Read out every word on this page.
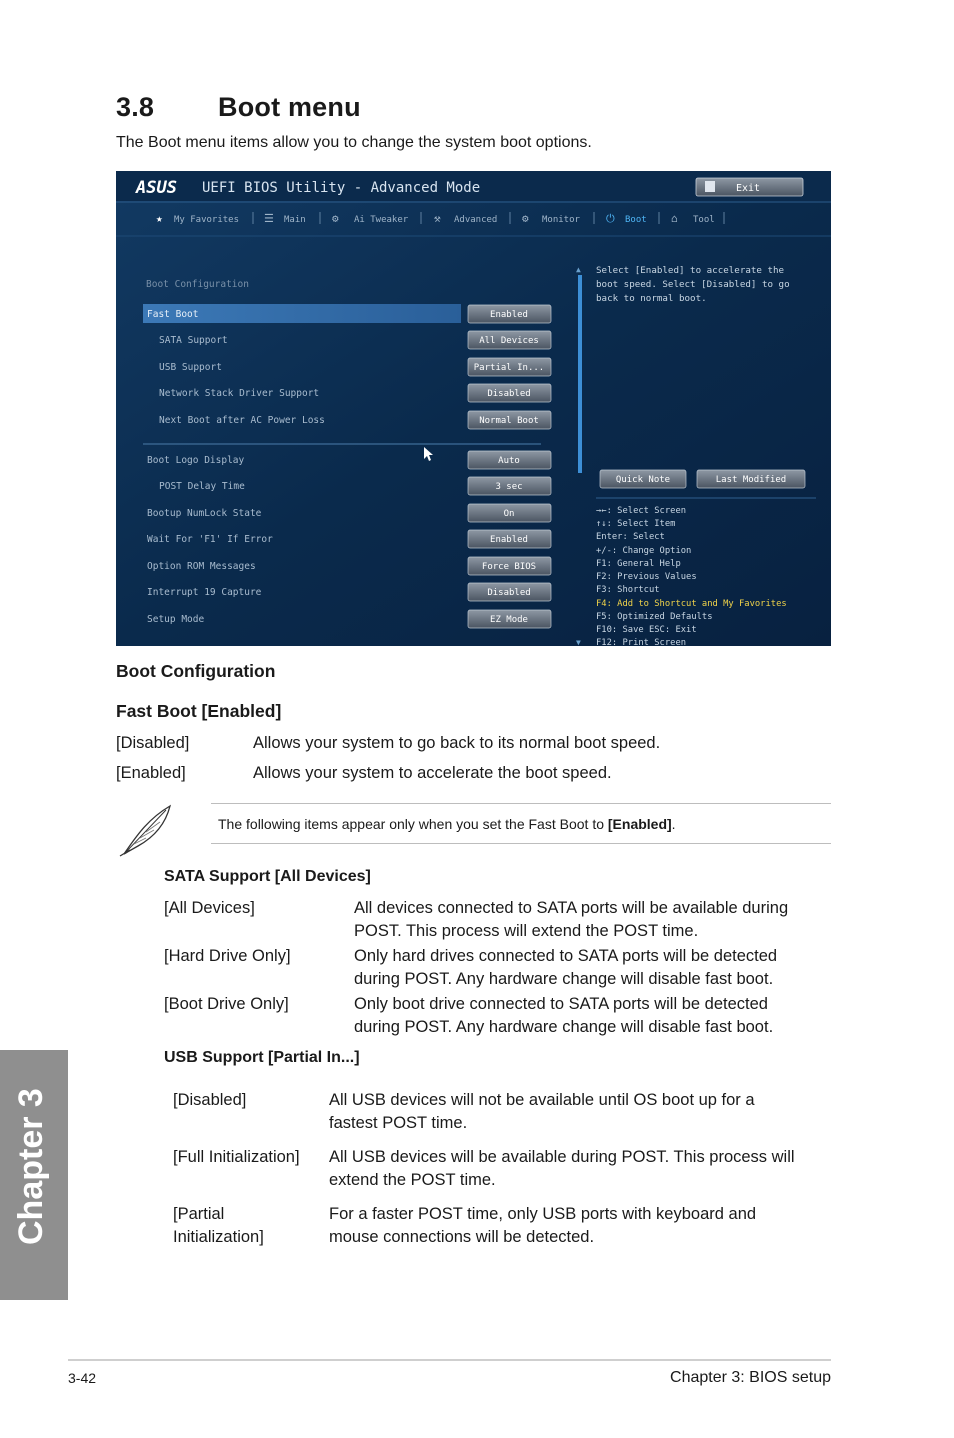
3.8 Boot menu
The Boot menu items allow you to change the system boot options.
ASUS UEFI BIOS Utility - Advanced Mode	Exit
★ My Favorites ☰ Main ⚙ Ai Tweaker ⚒ Advanced ⚙ Monitor ⏻ Boot ⌂ Tool
Boot Configuration
Fast Boot	Enabled
SATA Support	All Devices
USB Support	Partial In...
Network Stack Driver Support	Disabled
Next Boot after AC Power Loss	Normal Boot
Boot Logo Display	Auto
POST Delay Time	3 sec
Bootup NumLock State	On
Wait For 'F1' If Error	Enabled
Option ROM Messages	Force BIOS
Interrupt 19 Capture	Disabled
Setup Mode	EZ Mode
▲
▼
Select [Enabled] to accelerate the
boot speed. Select [Disabled] to go
back to normal boot.
Quick Note	Last Modified
→←: Select Screen
↑↓: Select Item
Enter: Select
+/-: Change Option
F1: General Help
F2: Previous Values
F3: Shortcut
F4: Add to Shortcut and My Favorites
F5: Optimized Defaults
F10: Save ESC: Exit
F12: Print Screen
Boot Configuration
Fast Boot [Enabled]
[Disabled]	Allows your system to go back to its normal boot speed.
[Enabled]	Allows your system to accelerate the boot speed.
The following items appear only when you set the Fast Boot to [Enabled].
SATA Support [All Devices]
[All Devices]	All devices connected to SATA ports will be available during
POST. This process will extend the POST time.
[Hard Drive Only]	Only hard drives connected to SATA ports will be detected
during POST. Any hardware change will disable fast boot.
[Boot Drive Only]	Only boot drive connected to SATA ports will be detected
during POST. Any hardware change will disable fast boot.
USB Support [Partial In...]
[Disabled]	All USB devices will not be available until OS boot up for a
fastest POST time.
[Full Initialization] All USB devices will be available during POST. This process will
extend the POST time.
[Partial
Initialization]
For a faster POST time, only USB ports with keyboard and
mouse connections will be detected.
Chapter 3
3-42	Chapter 3: BIOS setup
